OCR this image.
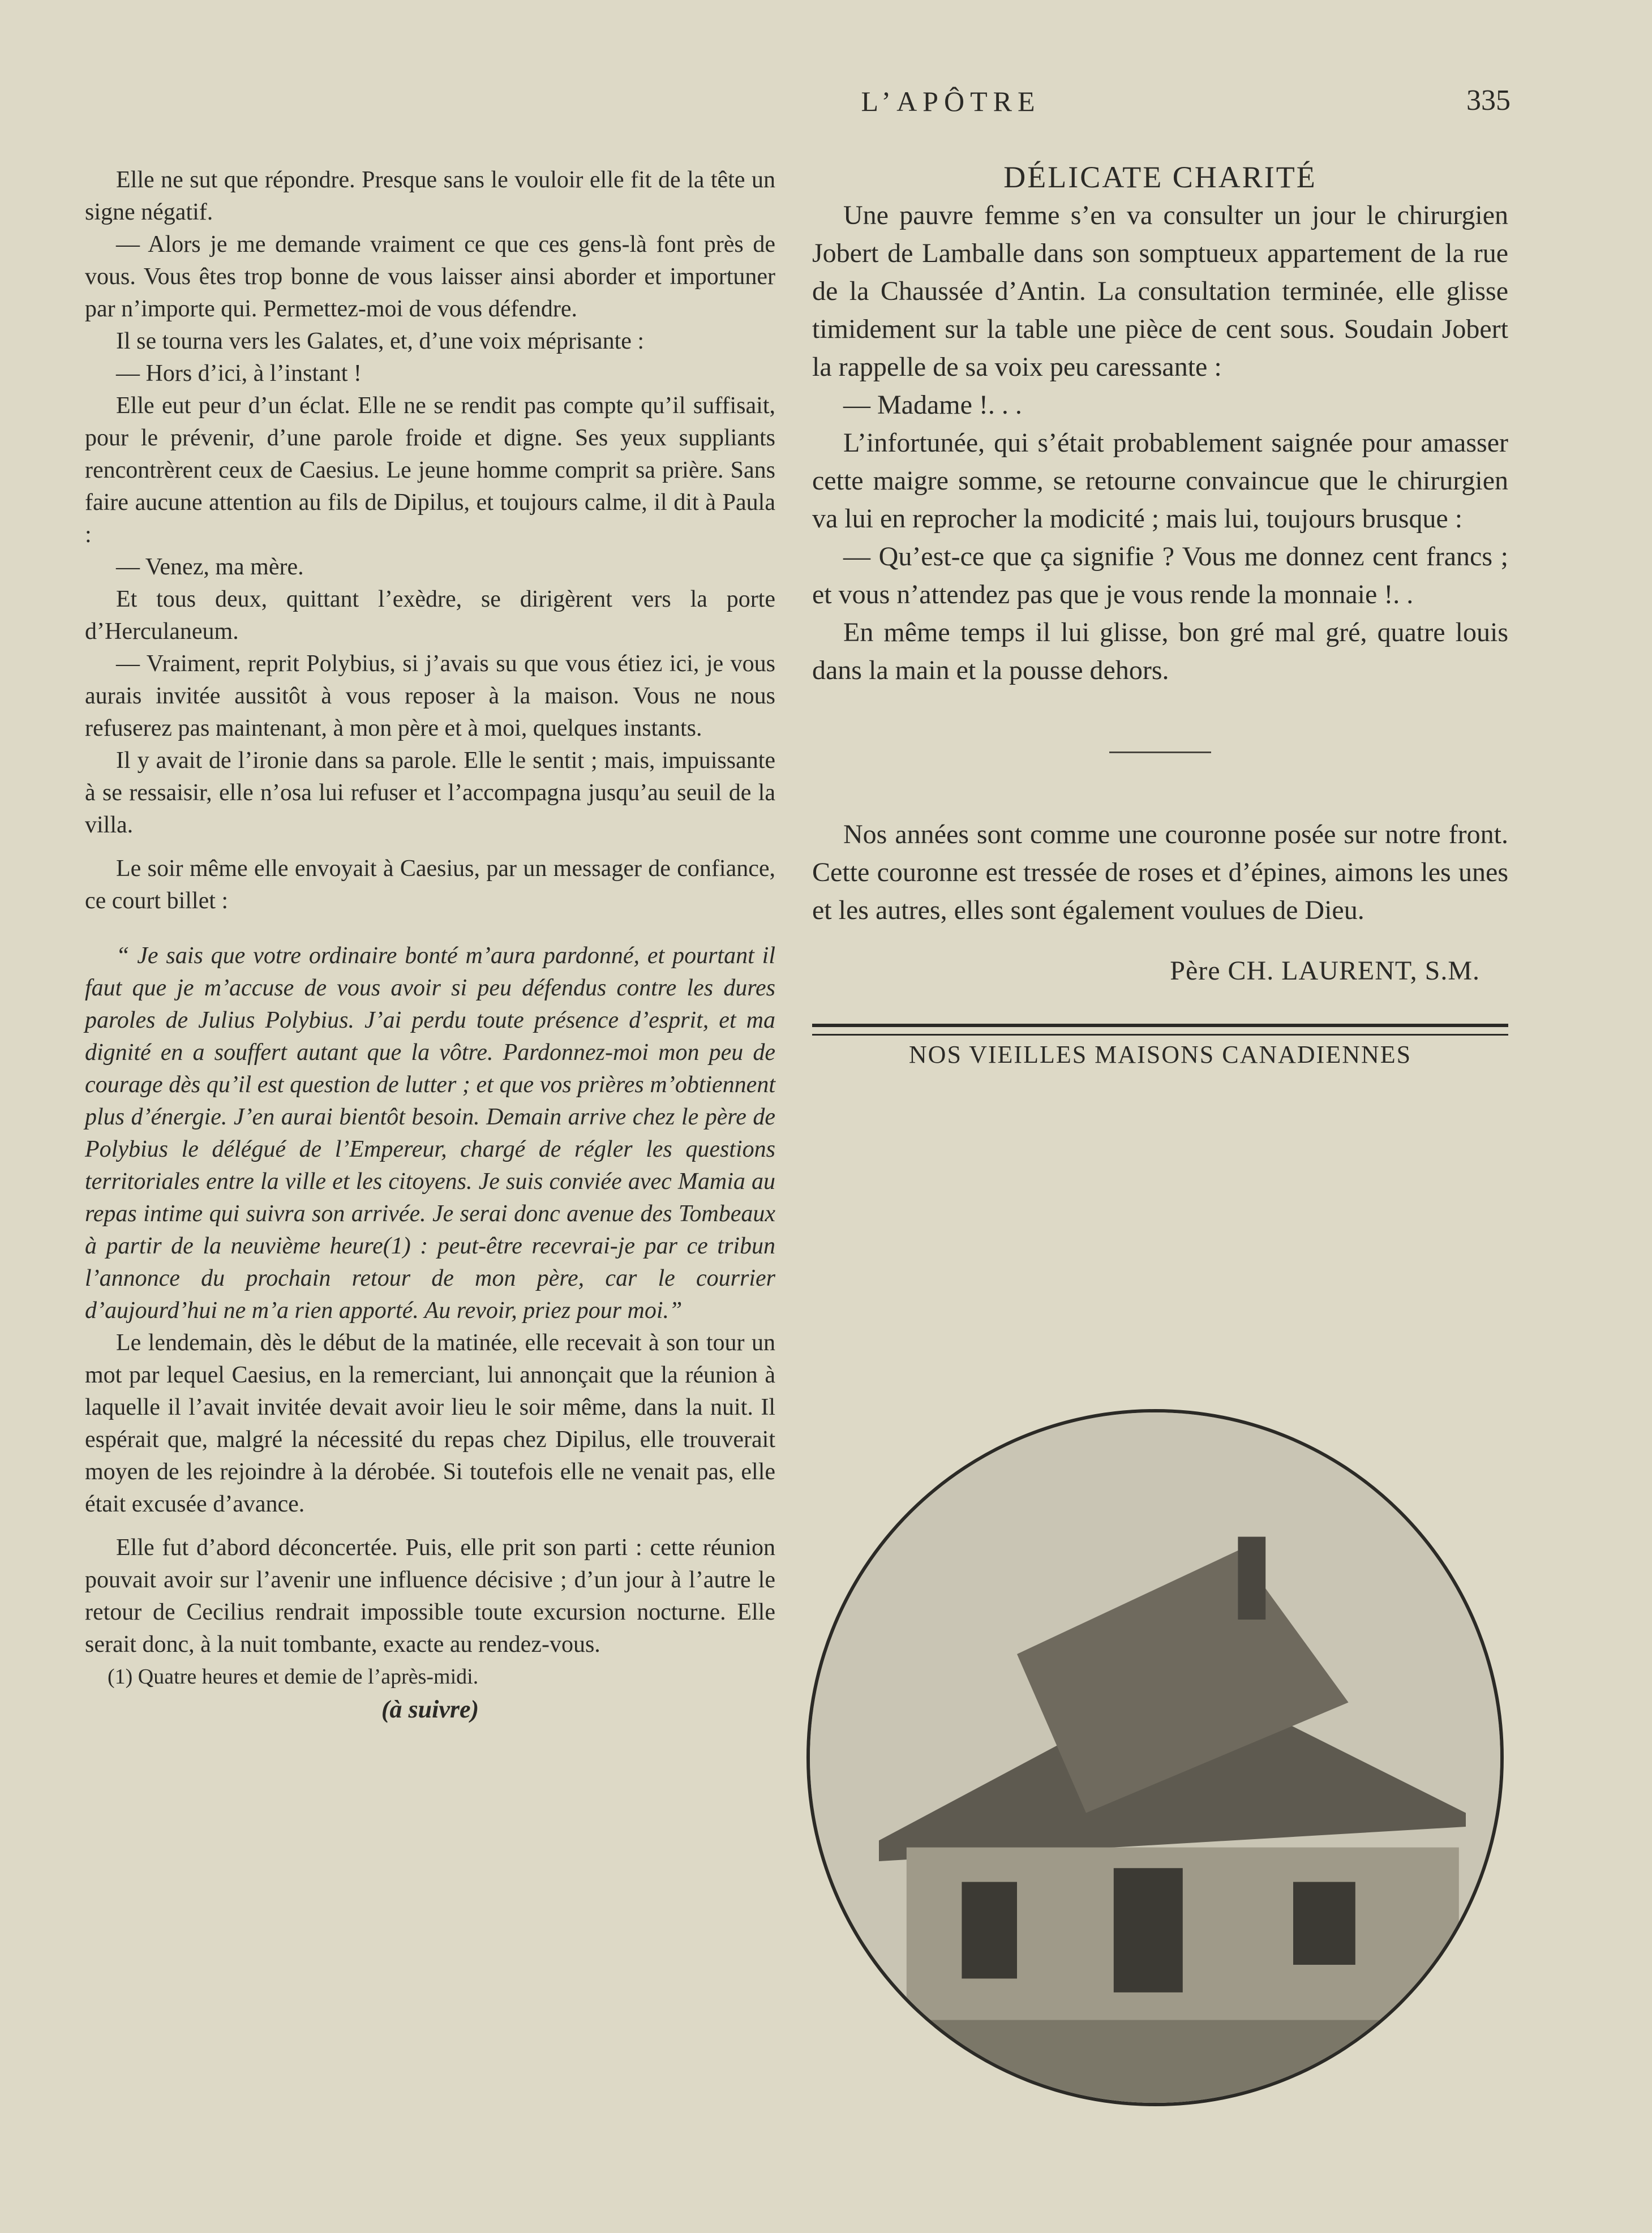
L’APÔTRE	335

Elle ne sut que répondre. Presque sans le vouloir elle fit de la tête un signe négatif.

— Alors je me demande vraiment ce que ces gens-là font près de vous. Vous êtes trop bonne de vous laisser ainsi aborder et importuner par n’importe qui. Permettez-moi de vous défendre.

Il se tourna vers les Galates, et, d’une voix méprisante :

— Hors d’ici, à l’instant !

Elle eut peur d’un éclat. Elle ne se rendit pas compte qu’il suffisait, pour le prévenir, d’une parole froide et digne. Ses yeux suppliants rencontrèrent ceux de Caesius. Le jeune homme comprit sa prière. Sans faire aucune attention au fils de Dipilus, et toujours calme, il dit à Paula :

— Venez, ma mère.

Et tous deux, quittant l’exèdre, se dirigèrent vers la porte d’Herculaneum.

— Vraiment, reprit Polybius, si j’avais su que vous étiez ici, je vous aurais invitée aussitôt à vous reposer à la maison. Vous ne nous refuserez pas maintenant, à mon père et à moi, quelques instants.

Il y avait de l’ironie dans sa parole. Elle le sentit ; mais, impuissante à se ressaisir, elle n’osa lui refuser et l’accompagna jusqu’au seuil de la villa.

Le soir même elle envoyait à Caesius, par un messager de confiance, ce court billet :

“ Je sais que votre ordinaire bonté m’aura pardonné, et pourtant il faut que je m’accuse de vous avoir si peu défendus contre les dures paroles de Julius Polybius. J’ai perdu toute présence d’esprit, et ma dignité en a souffert autant que la vôtre. Pardonnez-moi mon peu de courage dès qu’il est question de lutter ; et que vos prières m’obtiennent plus d’énergie. J’en aurai bientôt besoin. Demain arrive chez le père de Polybius le délégué de l’Empereur, chargé de régler les questions territoriales entre la ville et les citoyens. Je suis conviée avec Mamia au repas intime qui suivra son arrivée. Je serai donc avenue des Tombeaux à partir de la neuvième heure(1) : peut-être recevrai-je par ce tribun l’annonce du prochain retour de mon père, car le courrier d’aujourd’hui ne m’a rien apporté. Au revoir, priez pour moi.”

Le lendemain, dès le début de la matinée, elle recevait à son tour un mot par lequel Caesius, en la remerciant, lui annonçait que la réunion à laquelle il l’avait invitée devait avoir lieu le soir même, dans la nuit. Il espérait que, malgré la nécessité du repas chez Dipilus, elle trouverait moyen de les rejoindre à la dérobée. Si toutefois elle ne venait pas, elle était excusée d’avance.

Elle fut d’abord déconcertée. Puis, elle prit son parti : cette réunion pouvait avoir sur l’avenir une influence décisive ; d’un jour à l’autre le retour de Cecilius rendrait impossible toute excursion nocturne. Elle serait donc, à la nuit tombante, exacte au rendez-vous.

(1) Quatre heures et demie de l’après-midi.

(à suivre)

DÉLICATE CHARITÉ

Une pauvre femme s’en va consulter un jour le chirurgien Jobert de Lamballe dans son somptueux appartement de la rue de la Chaussée d’Antin. La consultation terminée, elle glisse timidement sur la table une pièce de cent sous. Soudain Jobert la rappelle de sa voix peu caressante :

— Madame !. . .

L’infortunée, qui s’était probablement saignée pour amasser cette maigre somme, se retourne convaincue que le chirurgien va lui en reprocher la modicité ; mais lui, toujours brusque :

— Qu’est-ce que ça signifie ? Vous me donnez cent francs ; et vous n’attendez pas que je vous rende la monnaie !. .

En même temps il lui glisse, bon gré mal gré, quatre louis dans la main et la pousse dehors.

Nos années sont comme une couronne posée sur notre front. Cette couronne est tressée de roses et d’épines, aimons les unes et les autres, elles sont également voulues de Dieu.

Père CH. LAURENT, S.M.

NOS VIEILLES MAISONS CANADIENNES
